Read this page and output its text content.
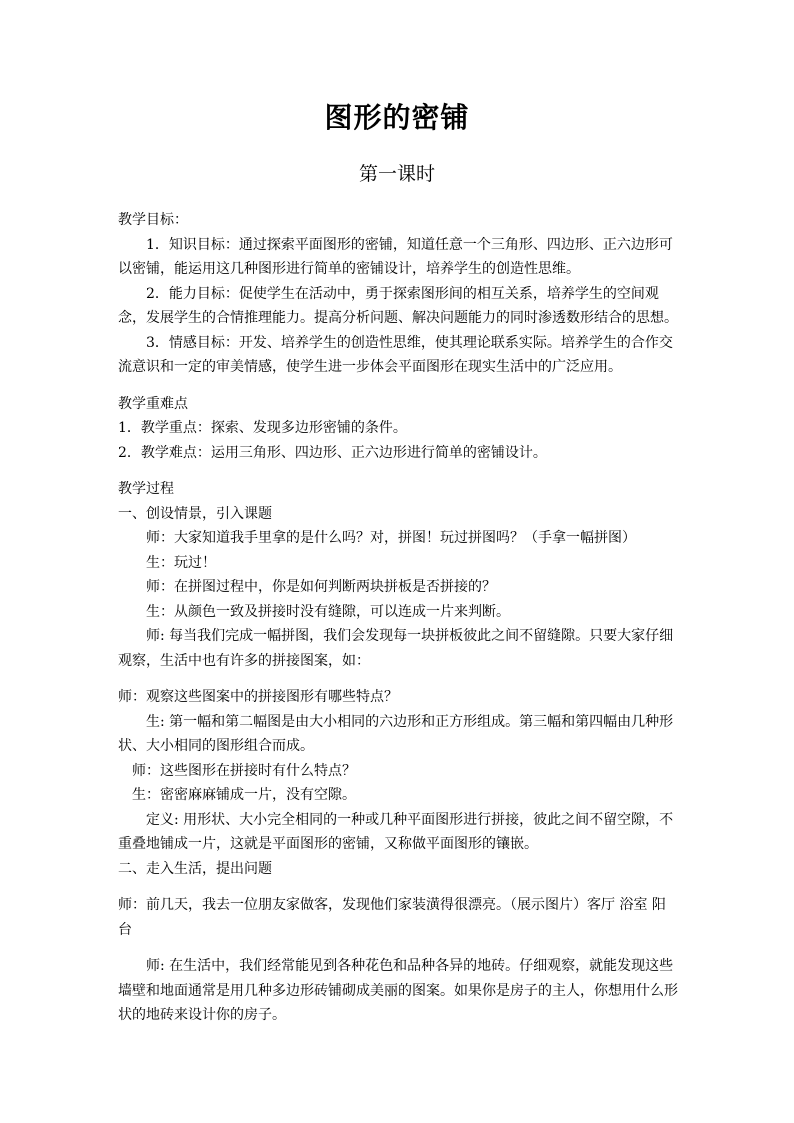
图形的密铺
第一课时

教学目标：

1．知识目标：通过探索平面图形的密铺，知道任意一个三角形、四边形、正六边形可以密铺，能运用这几种图形进行简单的密铺设计，培养学生的创造性思维。

2．能力目标：促使学生在活动中，勇于探索图形间的相互关系，培养学生的空间观念，发展学生的合情推理能力。提高分析问题、解决问题能力的同时渗透数形结合的思想。

3．情感目标：开发、培养学生的创造性思维，使其理论联系实际。培养学生的合作交流意识和一定的审美情感，使学生进一步体会平面图形在现实生活中的广泛应用。

教学重难点

1．教学重点：探索、发现多边形密铺的条件。

2．教学难点：运用三角形、四边形、正六边形进行简单的密铺设计。

教学过程

一、创设情景，引入课题

师：大家知道我手里拿的是什么吗？对，拼图！玩过拼图吗？（手拿一幅拼图）

生：玩过！

师：在拼图过程中，你是如何判断两块拼板是否拼接的？

生：从颜色一致及拼接时没有缝隙，可以连成一片来判断。

师: 每当我们完成一幅拼图，我们会发现每一块拼板彼此之间不留缝隙。只要大家仔细观察，生活中也有许多的拼接图案，如：

师：观察这些图案中的拼接图形有哪些特点？

生: 第一幅和第二幅图是由大小相同的六边形和正方形组成。第三幅和第四幅由几种形状、大小相同的图形组合而成。

师：这些图形在拼接时有什么特点？

生：密密麻麻铺成一片，没有空隙。

定义: 用形状、大小完全相同的一种或几种平面图形进行拼接，彼此之间不留空隙，不重叠地铺成一片，这就是平面图形的密铺，又称做平面图形的镶嵌。

二、走入生活，提出问题

师：前几天，我去一位朋友家做客，发现他们家装潢得很漂亮。（展示图片）客厅 浴室 阳台

师: 在生活中，我们经常能见到各种花色和品种各异的地砖。仔细观察，就能发现这些墙壁和地面通常是用几种多边形砖铺砌成美丽的图案。如果你是房子的主人，你想用什么形状的地砖来设计你的房子。
